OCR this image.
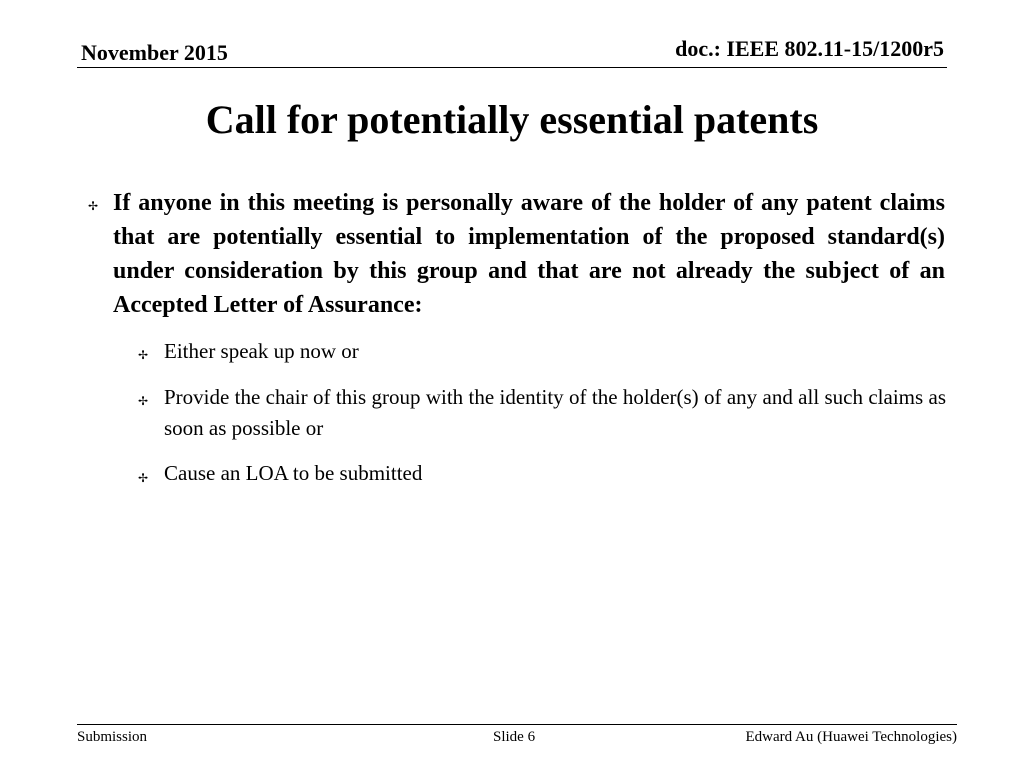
November 2015	doc.: IEEE 802.11-15/1200r5
Call for potentially essential patents
✢ If anyone in this meeting is personally aware of the holder of any patent claims that are potentially essential to implementation of the proposed standard(s) under consideration by this group and that are not already the subject of an Accepted Letter of Assurance:
✢ Either speak up now or
✢ Provide the chair of this group with the identity of the holder(s) of any and all such claims as soon as possible or
✢ Cause an LOA to be submitted
Submission	Slide 6	Edward Au (Huawei Technologies)
